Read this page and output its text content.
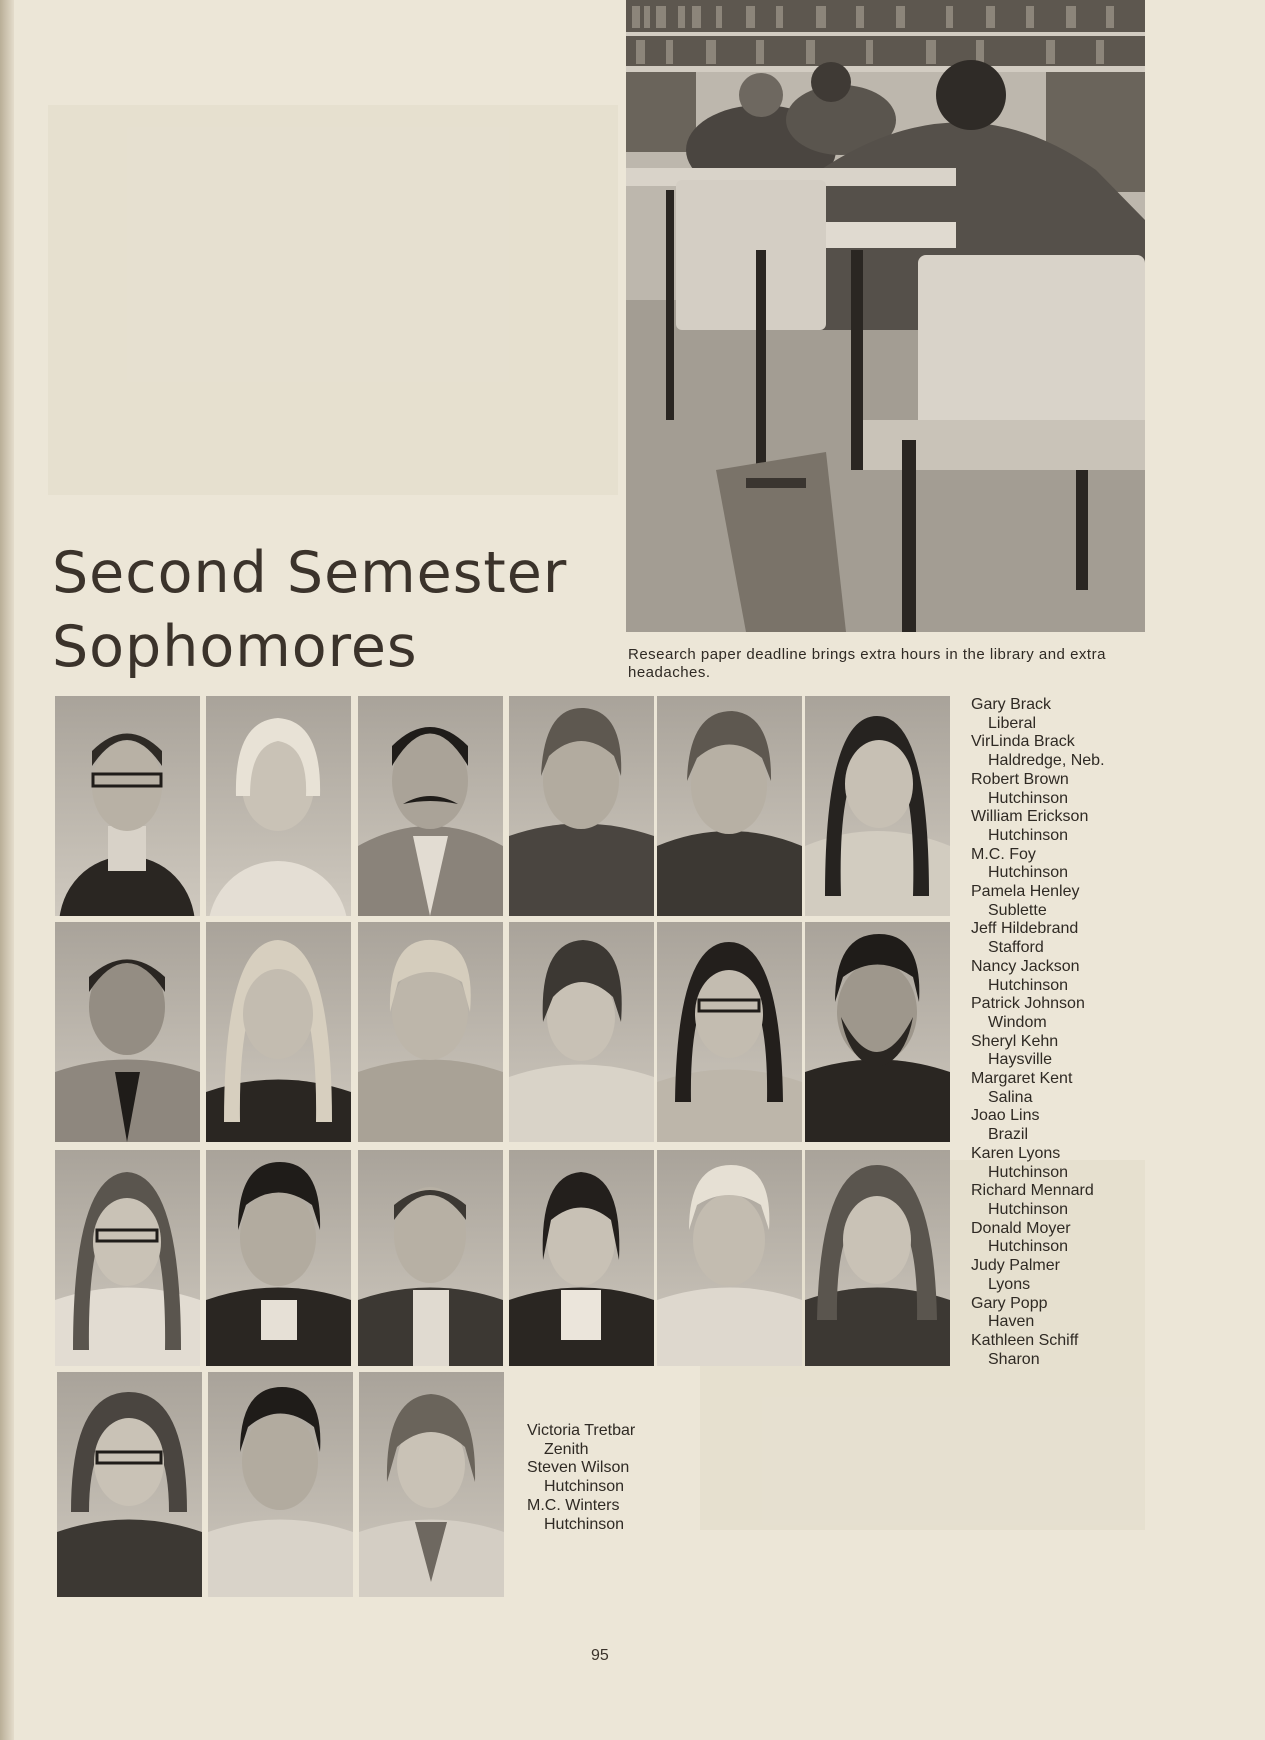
Second Semester
Sophomores	Research paper deadline brings extra hours in the library and extra headaches.
Gary Brack
Liberal
VirLinda Brack
Haldredge, Neb.
Robert Brown
Hutchinson
William Erickson
Hutchinson
M.C. Foy
Hutchinson
Pamela Henley
Sublette
Jeff Hildebrand
Stafford
Nancy Jackson
Hutchinson
Patrick Johnson
Windom
Sheryl Kehn
Haysville
Margaret Kent
Salina
Joao Lins
Brazil
Karen Lyons
Hutchinson
Richard Mennard
Hutchinson
Donald Moyer
Hutchinson
Judy Palmer
Lyons
Gary Popp
Haven
Kathleen Schiff
Sharon
Victoria Tretbar
Zenith
Steven Wilson
Hutchinson
M.C. Winters
Hutchinson
95
